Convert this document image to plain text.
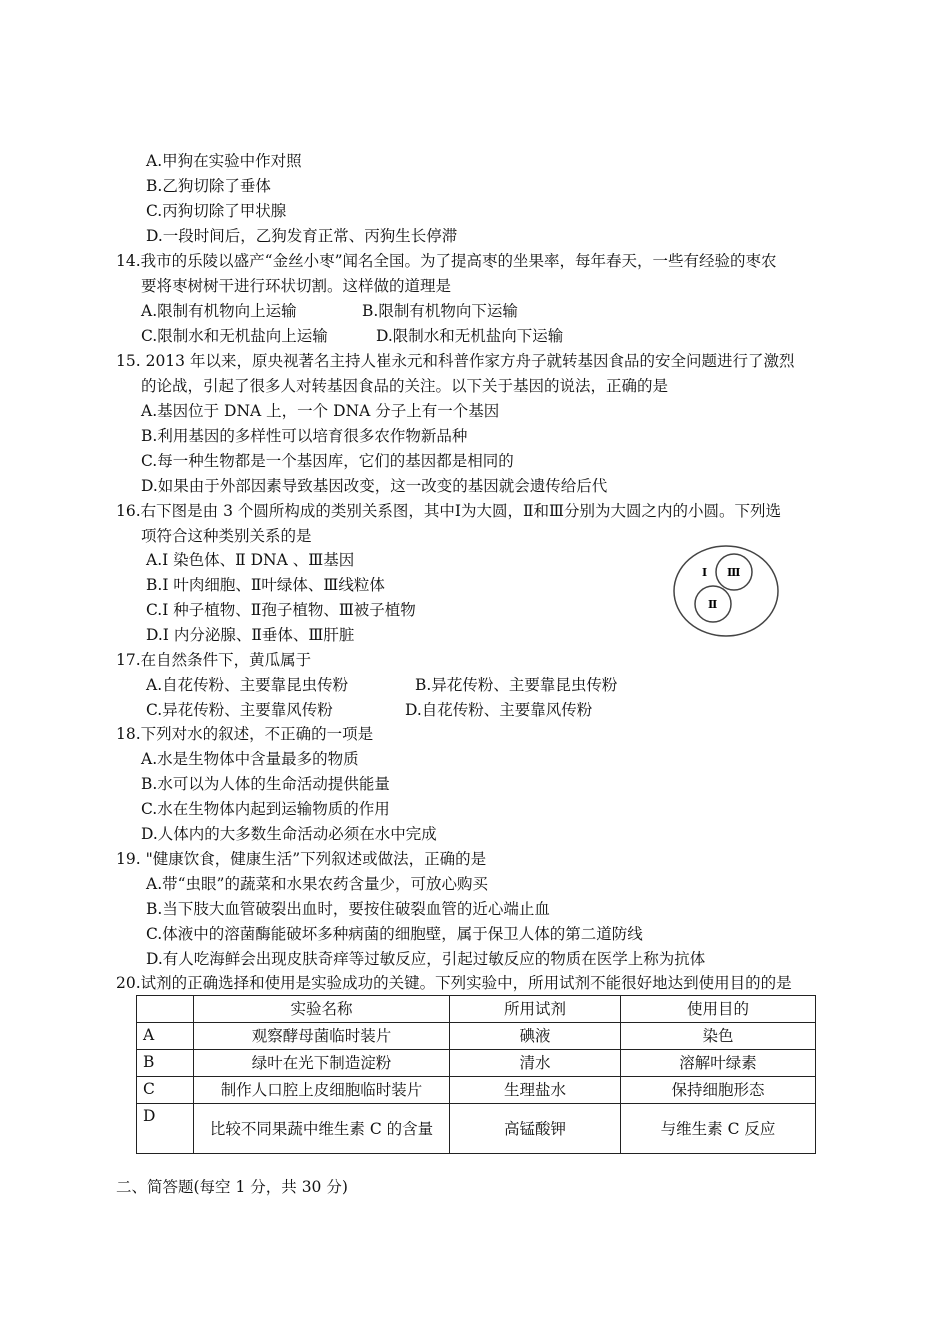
A.甲狗在实验中作对照
B.乙狗切除了垂体
C.丙狗切除了甲状腺
D.一段时间后，乙狗发育正常、丙狗生长停滞
14.我市的乐陵以盛产“金丝小枣”闻名全国。为了提高枣的坐果率，每年春天，一些有经验的枣农
要将枣树树干进行环状切割。这样做的道理是
A.限制有机物向上运输	B.限制有机物向下运输
C.限制水和无机盐向上运输	D.限制水和无机盐向下运输
15. 2013 年以来，原央视著名主持人崔永元和科普作家方舟子就转基因食品的安全问题进行了激烈
的论战，引起了很多人对转基因食品的关注。以下关于基因的说法，正确的是
A.基因位于 DNA 上，一个 DNA 分子上有一个基因
B.利用基因的多样性可以培育很多农作物新品种
C.每一种生物都是一个基因库，它们的基因都是相同的
D.如果由于外部因素导致基因改变，这一改变的基因就会遗传给后代
16.右下图是由 3 个圆所构成的类别关系图，其中Ⅰ为大圆，Ⅱ和Ⅲ分别为大圆之内的小圆。下列选
项符合这种类别关系的是
A.Ⅰ 染色体、Ⅱ DNA 、Ⅲ基因
B.Ⅰ 叶肉细胞、Ⅱ叶绿体、Ⅲ线粒体
C.Ⅰ 种子植物、Ⅱ孢子植物、Ⅲ被子植物
D.Ⅰ 内分泌腺、Ⅱ垂体、Ⅲ肝脏
Ⅰ Ⅲ
Ⅱ
17.在自然条件下，黄瓜属于
A.自花传粉、主要靠昆虫传粉	B.异花传粉、主要靠昆虫传粉
C.异花传粉、主要靠风传粉	D.自花传粉、主要靠风传粉
18.下列对水的叙述，不正确的一项是
A.水是生物体中含量最多的物质
B.水可以为人体的生命活动提供能量
C.水在生物体内起到运输物质的作用
D.人体内的大多数生命活动必须在水中完成
19. "健康饮食，健康生活”下列叙述或做法，正确的是
A.带“虫眼”的蔬菜和水果农药含量少，可放心购买
B.当下肢大血管破裂出血时，要按住破裂血管的近心端止血
C.体液中的溶菌酶能破坏多种病菌的细胞壁，属于保卫人体的第二道防线
D.有人吃海鲜会出现皮肤奇痒等过敏反应，引起过敏反应的物质在医学上称为抗体
20.试剂的正确选择和使用是实验成功的关键。下列实验中，所用试剂不能很好地达到使用目的的是
	实验名称	所用试剂	使用目的
A	观察酵母菌临时装片	碘液	染色
B	绿叶在光下制造淀粉	清水	溶解叶绿素
C	制作人口腔上皮细胞临时装片	生理盐水	保持细胞形态
D	比较不同果蔬中维生素 C 的含量	高锰酸钾	与维生素 C 反应
二、简答题(每空 1 分，共 30 分)
